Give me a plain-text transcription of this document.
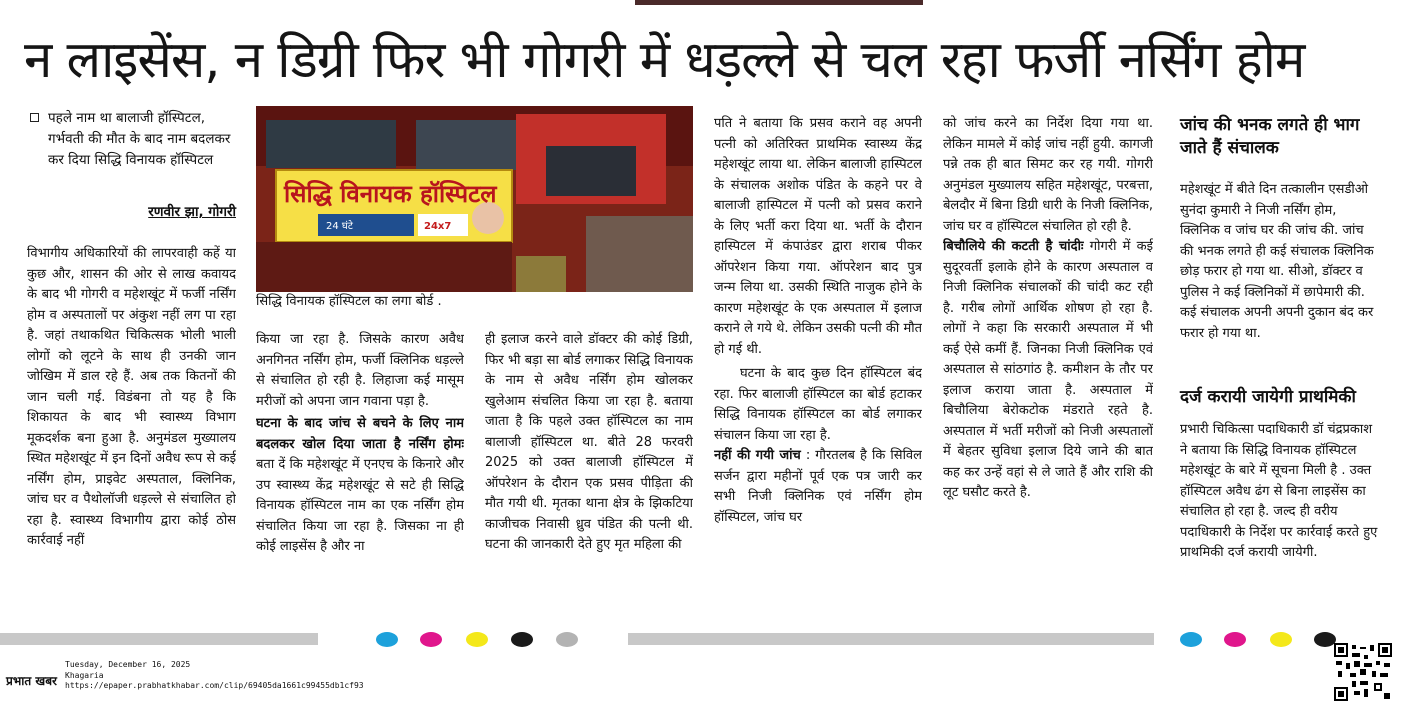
न लाइसेंस, न डिग्री फिर भी गोगरी में धड़ल्ले से चल रहा फर्जी नर्सिंग होम
पहले नाम था बालाजी हॉस्पिटल, गर्भवती की मौत के बाद नाम बदलकर कर दिया सिद्धि विनायक हॉस्पिटल
रणवीर झा, गोगरी

विभागीय अधिकारियों की लापरवाही कहें या कुछ और, शासन की ओर से लाख कवायद के बाद भी गोगरी व महेशखूंट में फर्जी नर्सिंग होम व अस्पतालों पर अंकुश नहीं लग पा रहा है. जहां तथाकथित चिकित्सक भोली भाली लोगों को लूटने के साथ ही उनकी जान जोखिम में डाल रहे हैं. अब तक कितनों की जान चली गई. विडंबना तो यह है कि शिकायत के बाद भी स्वास्थ्य विभाग मूकदर्शक बना हुआ है. अनुमंडल मुख्यालय स्थित महेशखूंट में इन दिनों अवैध रूप से कई नर्सिंग होम, प्राइवेट अस्पताल, क्लिनिक, जांच घर व पैथोलॉजी धड़ल्ले से संचालित हो रहा है. स्वास्थ्य विभागीय द्वारा कोई ठोस कार्रवाई नहीं

सिद्धि विनायक हॉस्पिटल
24 घंटे	24x7
सिद्धि विनायक हॉस्पिटल का लगा बोर्ड .

किया जा रहा है. जिसके कारण अवैध अनगिनत नर्सिंग होम, फर्जी क्लिनिक धड़ल्ले से संचालित हो रही है. लिहाजा कई मासूम मरीजों को अपना जान गवाना पड़ा है.

घटना के बाद जांच से बचने के लिए नाम बदलकर खोल दिया जाता है नर्सिंग होमः बता दें कि महेशखूंट में एनएच के किनारे और उप स्वास्थ्य केंद्र महेशखूंट से सटे ही सिद्धि विनायक हॉस्पिटल नाम का एक नर्सिंग होम संचालित किया जा रहा है. जिसका ना ही कोई लाइसेंस है और ना

ही इलाज करने वाले डॉक्टर की कोई डिग्री, फिर भी बड़ा सा बोर्ड लगाकर सिद्धि विनायक के नाम से अवैध नर्सिंग होम खोलकर खुलेआम संचलित किया जा रहा है. बताया जाता है कि पहले उक्त हॉस्पिटल का नाम बालाजी हॉस्पिटल था. बीते 28 फरवरी 2025 को उक्त बालाजी हॉस्पिटल में ऑपरेशन के दौरान एक प्रसव पीड़िता की मौत गयी थी. मृतका थाना क्षेत्र के झिकटिया काजीचक निवासी ध्रुव पंडित की पत्नी थी. घटना की जानकारी देते हुए मृत महिला की

पति ने बताया कि प्रसव कराने वह अपनी पत्नी को अतिरिक्त प्राथमिक स्वास्थ्य केंद्र महेशखूंट लाया था. लेकिन बालाजी हास्पिटल के संचालक अशोक पंडित के कहने पर वे बालाजी हास्पिटल में पत्नी को प्रसव कराने के लिए भर्ती करा दिया था. भर्ती के दौरान हास्पिटल में कंपाउंडर द्वारा शराब पीकर ऑपरेशन किया गया. ऑपरेशन बाद पुत्र जन्म लिया था. उसकी स्थिति नाजुक होने के कारण महेशखूंट के एक अस्पताल में इलाज कराने ले गये थे. लेकिन उसकी पत्नी की मौत हो गई थी.

घटना के बाद कुछ दिन हॉस्पिटल बंद रहा. फिर बालाजी हॉस्पिटल का बोर्ड हटाकर सिद्धि विनायक हॉस्पिटल का बोर्ड लगाकर संचालन किया जा रहा है.

नहीं की गयी जांच : गौरतलब है कि सिविल सर्जन द्वारा महीनों पूर्व एक पत्र जारी कर सभी निजी क्लिनिक एवं नर्सिंग होम हॉस्पिटल, जांच घर

को जांच करने का निर्देश दिया गया था. लेकिन मामले में कोई जांच नहीं हुयी. कागजी पन्ने तक ही बात सिमट कर रह गयी. गोगरी अनुमंडल मुख्यालय सहित महेशखूंट, परबत्ता, बेलदौर में बिना डिग्री धारी के निजी क्लिनिक, जांच घर व हॉस्पिटल संचालित हो रही है.

बिचौलिये की कटती है चांदीः गोगरी में कई सुदूरवर्ती इलाके होने के कारण अस्पताल व निजी क्लिनिक संचालकों की चांदी कट रही है. गरीब लोगों आर्थिक शोषण हो रहा है. लोगों ने कहा कि सरकारी अस्पताल में भी कई ऐसे कमीं हैं. जिनका निजी क्लिनिक एवं अस्पताल से सांठगांठ है. कमीशन के तौर पर इलाज कराया जाता है. अस्पताल में बिचौलिया बेरोकटोक मंडराते रहते है. अस्पताल में भर्ती मरीजों को निजी अस्पतालों में बेहतर सुविधा इलाज दिये जाने की बात कह कर उन्हें वहां से ले जाते हैं और राशि की लूट घसौट करते है.

जांच की भनक लगते ही भाग जाते हैं संचालक

महेशखूंट में बीते दिन तत्कालीन एसडीओ सुनंदा कुमारी ने निजी नर्सिंग होम, क्लिनिक व जांच घर की जांच की. जांच की भनक लगते ही कई संचालक क्लिनिक छोड़ फरार हो गया था. सीओ, डॉक्टर व पुलिस ने कई क्लिनिकों में छापेमारी की. कई संचालक अपनी अपनी दुकान बंद कर फरार हो गया था.

दर्ज करायी जायेगी प्राथमिकी

प्रभारी चिकित्सा पदाधिकारी डॉ चंद्रप्रकाश ने बताया कि सिद्धि विनायक हॉस्पिटल महेशखूंट के बारे में सूचना मिली है . उक्त हॉस्पिटल अवैध ढंग से बिना लाइसेंस का संचालित हो रहा है. जल्द ही वरीय पदाधिकारी के निर्देश पर कार्रवाई करते हुए प्राथमिकी दर्ज करायी जायेगी.

प्रभात खबर
Tuesday, December 16, 2025
Khagaria
https://epaper.prabhatkhabar.com/clip/69405da1661c99455db1cf93
